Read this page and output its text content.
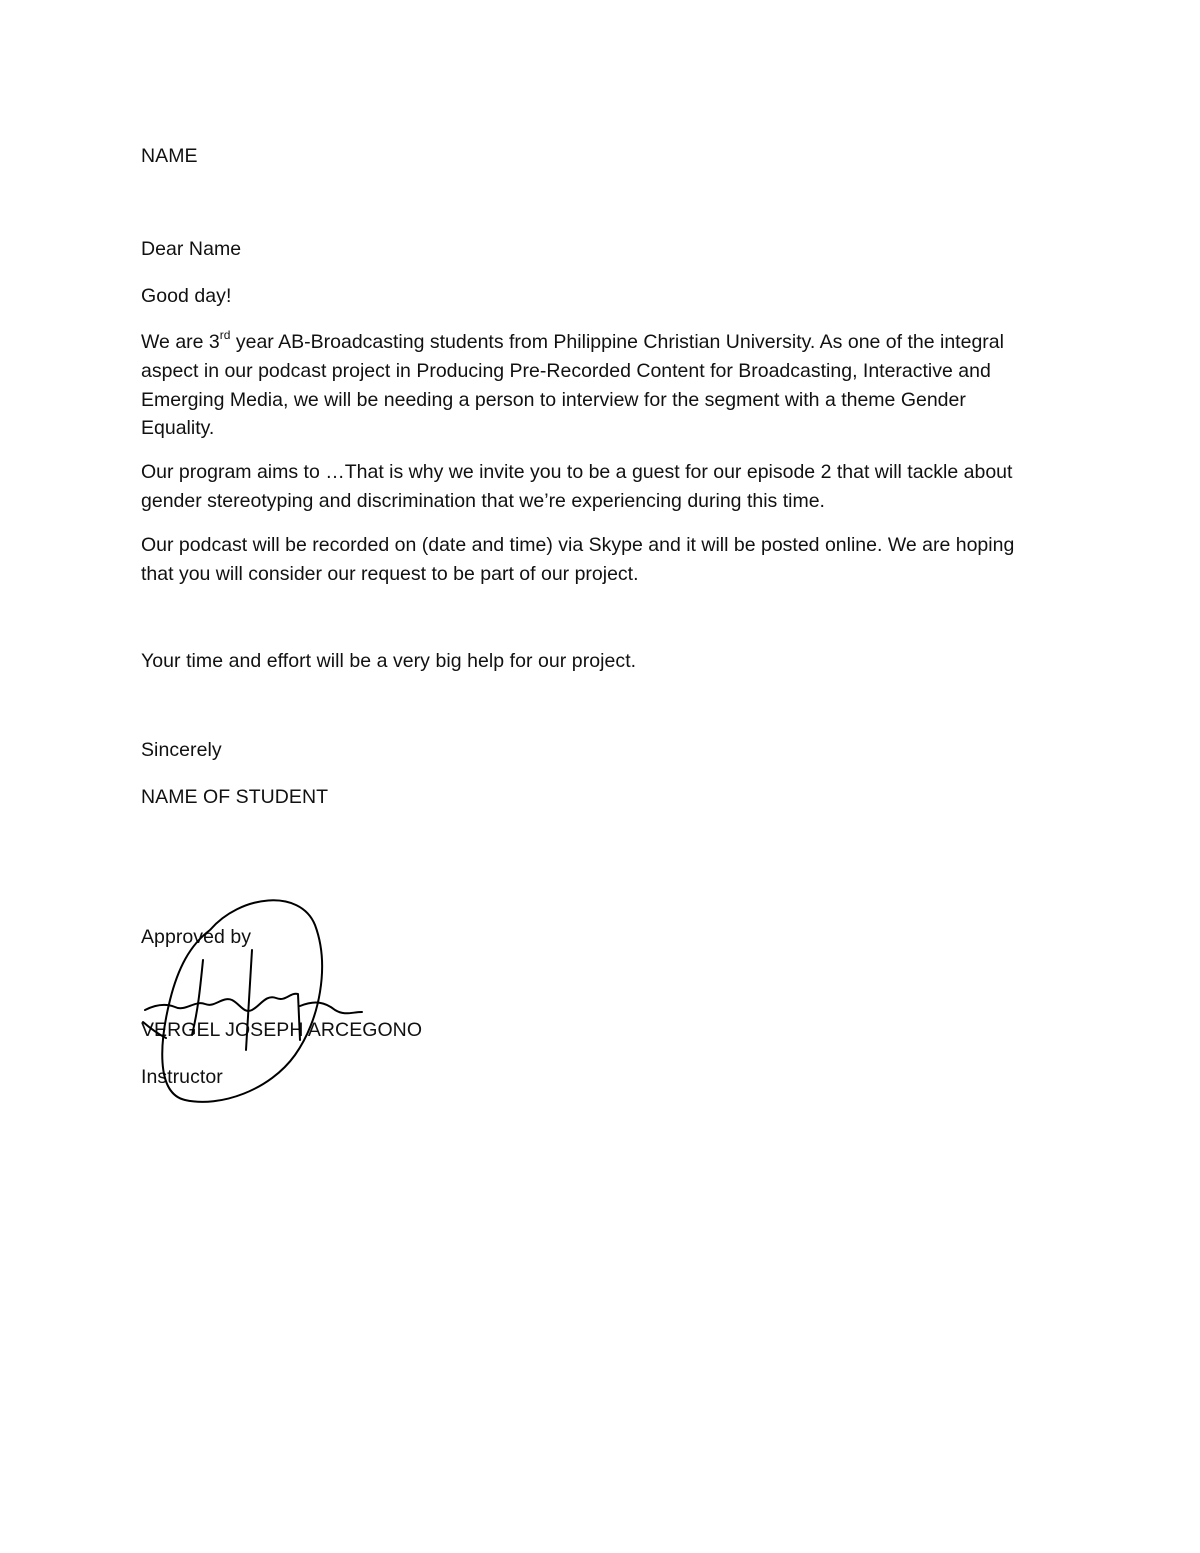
NAME
Dear Name
Good day!
We are 3rd year AB-Broadcasting students from Philippine Christian University. As one of the integral
aspect in our podcast project in Producing Pre-Recorded Content for Broadcasting, Interactive and
Emerging Media, we will be needing a person to interview for the segment with a theme Gender
Equality.
Our program aims to …That is why we invite you to be a guest for our episode 2 that will tackle about
gender stereotyping and discrimination that we’re experiencing during this time.
Our podcast will be recorded on (date and time) via Skype and it will be posted online. We are hoping
that you will consider our request to be part of our project.
Your time and effort will be a very big help for our project.
Sincerely
NAME OF STUDENT
Approved by
VERGEL JOSEPH ARCEGONO
Instructor
